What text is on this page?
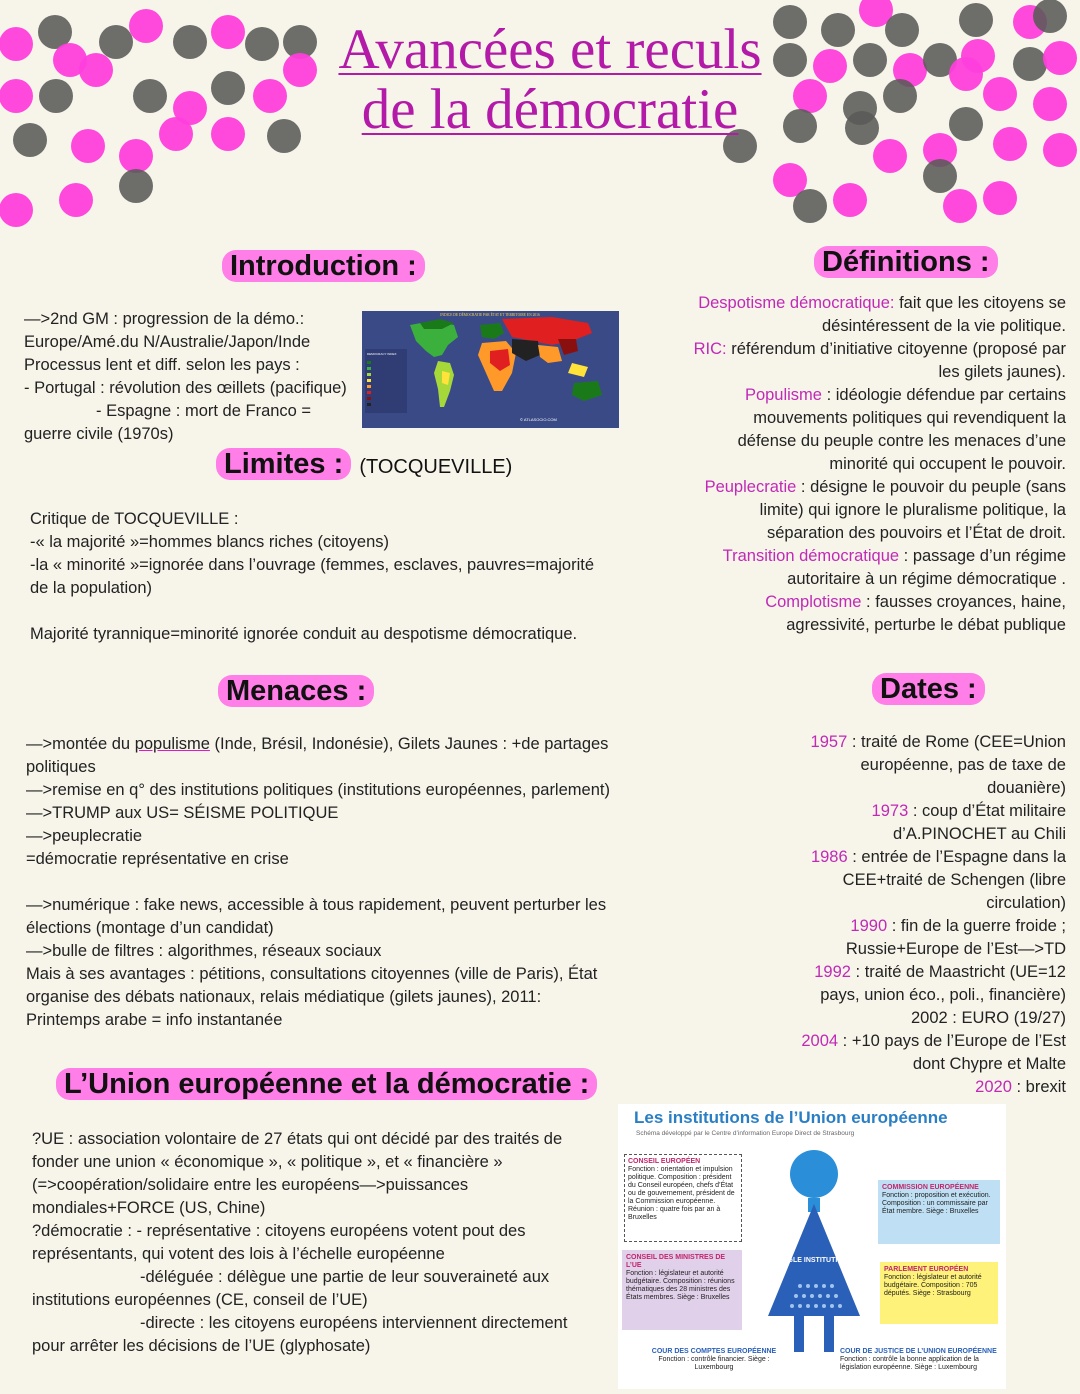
Avancées et reculs
de la démocratie
Introduction :

—>2nd GM : progression de la démo.:

Europe/Amé.du N/Australie/Japon/Inde

Processus lent et diff. selon les pays :

- Portugal : révolution des œillets (pacifique)

- Espagne : mort de Franco =

guerre civile (1970s)

INDICE DE DÉMOCRATIE PAR ÉTAT ET TERRITOIRE EN 2016
DEMOCRACY INDEX
© ATLASOCIO.COM
Limites : (TOCQUEVILLE)

Critique de TOCQUEVILLE :

-« la majorité »=hommes blancs riches (citoyens)

-la « minorité »=ignorée dans l’ouvrage (femmes, esclaves, pauvres=majorité

de la population)

Majorité tyrannique=minorité ignorée conduit au despotisme démocratique.

Menaces :

—>montée du populisme (Inde, Brésil, Indonésie), Gilets Jaunes : +de partages

politiques

—>remise en q° des institutions politiques (institutions européennes, parlement)

—>TRUMP aux US= SÉISME POLITIQUE

—>peuplecratie

=démocratie représentative en crise

—>numérique : fake news, accessible à tous rapidement, peuvent perturber les

élections (montage d’un candidat)

—>bulle de filtres : algorithmes, réseaux sociaux

Mais à ses avantages : pétitions, consultations citoyennes (ville de Paris), État

organise des débats nationaux, relais médiatique (gilets jaunes), 2011:

Printemps arabe = info instantanée

L’Union européenne et la démocratie :

?UE : association volontaire de 27 états qui ont décidé par des traités de

fonder une union « économique », « politique », et « financière »

(=>coopération/solidaire entre les européens—>puissances

mondiales+FORCE (US, Chine)

?démocratie : - représentative : citoyens européens votent pout des

représentants, qui votent des lois à l’échelle européenne

-déléguée : délègue une partie de leur souveraineté aux

institutions européennes (CE, conseil de l’UE)

-directe : les citoyens européens interviennent directement

pour arrêter les décisions de l’UE (glyphosate)

Définitions :

Despotisme démocratique: fait que les citoyens se
désintéressent de la vie politique.

RIC: référendum d’initiative citoyenne (proposé par
les gilets jaunes).

Populisme : idéologie défendue par certains
mouvements politiques qui revendiquent la
défense du peuple contre les menaces d’une
minorité qui occupent le pouvoir.

Peuplecratie : désigne le pouvoir du peuple (sans
limite) qui ignore le pluralisme politique, la
séparation des pouvoirs et l’État de droit.

Transition démocratique : passage d’un régime
autoritaire à un régime démocratique .

Complotisme : fausses croyances, haine,
agressivité, perturbe le débat publique

Dates :

1957 : traité de Rome (CEE=Union
européenne, pas de taxe de
douanière)

1973 : coup d’État militaire
d’A.PINOCHET au Chili

1986 : entrée de l’Espagne dans la
CEE+traité de Schengen (libre
circulation)

1990 : fin de la guerre froide ;
Russie+Europe de l’Est—>TD

1992 : traité de Maastricht (UE=12
pays, union éco., poli., financière)
2002 : EURO (19/27)

2004 : +10 pays de l’Europe de l’Est
dont Chypre et Malte

2020 : brexit

Les institutions de l’Union européenne
Schéma développé par le Centre d’information Europe Direct de Strasbourg
CONSEIL EUROPÉEN
Fonction : orientation et impulsion politique. Composition : président du Conseil européen, chefs d’État ou de gouvernement, président de la Commission européenne. Réunion : quatre fois par an à Bruxelles
CONSEIL DES MINISTRES DE L’UE
Fonction : législateur et autorité budgétaire. Composition : réunions thématiques des 28 ministres des États membres. Siège : Bruxelles
COMMISSION EUROPÉENNE
Fonction : proposition et exécution. Composition : un commissaire par État membre. Siège : Bruxelles
PARLEMENT EUROPÉEN
Fonction : législateur et autorité budgétaire. Composition : 705 députés. Siège : Strasbourg
TRIANGLE INSTITUTIONNEL
COUR DES COMPTES EUROPÉENNE
Fonction : contrôle financier. Siège : Luxembourg
COUR DE JUSTICE DE L’UNION EUROPÉENNE
Fonction : contrôle la bonne application de la législation européenne. Siège : Luxembourg
